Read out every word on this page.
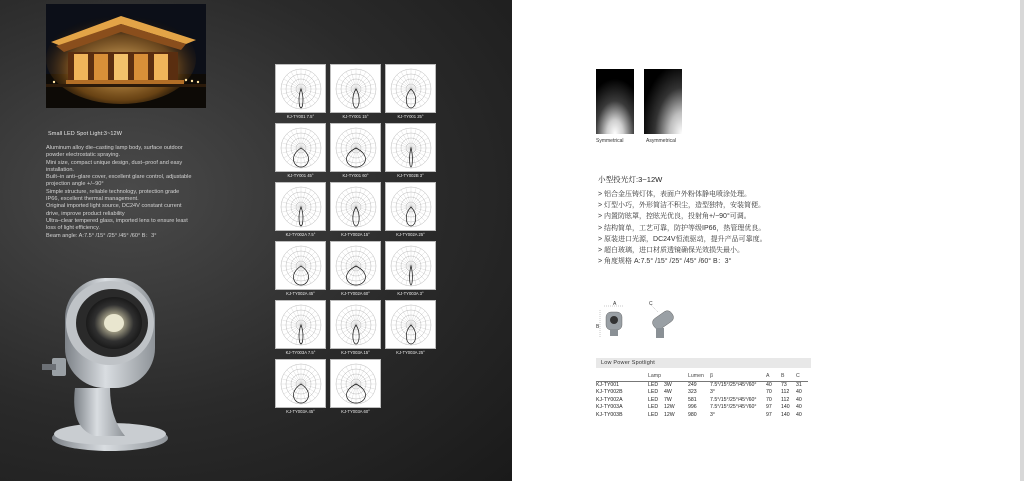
Small LED Spot Light:3~12W
Aluminum alloy die–casting lamp body, surface outdoor
powder electrostatic spraying.
Mini size, compact unique design, dust–proof and easy
installation.
Built–in anti–glare cover, excellent glare control, adjustable
projection angle +/−90°
Simple structure, reliable technology, protection grade
IP66, excellent thermal management.
Original imported light source, DC24V constant current
drive, improve product reliability
Ultra–clear tempered glass, imported lens to ensure least
loss of light efficiency.
Beam angle: A:7.5° /15° /25° /45° /60° B：3°
KJ-TY001 7.5°	KJ-TY001 15°	KJ-TY001 25°
KJ-TY001 45°	KJ-TY001 60°	KJ-TY002B 3°
KJ-TY002A 7.5°	KJ-TY002A 15°	KJ-TY002A 25°
KJ-TY002A 45°	KJ-TY002A 60°	KJ-TY003A 3°
KJ-TY003A 7.5°	KJ-TY003A 15°	KJ-TY003A 25°
KJ-TY003A 45°	KJ-TY003A 60°
Symmetrical	Asymmetrical
小型投光灯:3~12W
> 铝合金压铸灯体，表面户外粉体静电喷涂处理。
> 灯型小巧，外形简洁不积尘，造型独特，安装简便。
> 内置防眩罩，控眩光优良，投射角+/−90°可调。
> 结构简单，工艺可靠，防护等级IP66，热管理优良。
> 原装进口光源，DC24V恒流驱动，提升产品可靠度。
> 超白玻璃，进口材质透镜确保光效损失最小。
> 角度规格 A:7.5° /15° /25° /45° /60° B：3°
A
B
C
Low Power Spotlight
	Lamp		Lumen	β	A	B	C
KJ-TY001	LED	3W	249	7.5°/15°/25°/45°/60°	40	73	31
KJ-TY002B	LED	4W	323	3°	70	112	40
KJ-TY002A	LED	7W	581	7.5°/15°/25°/45°/60°	70	112	40
KJ-TY003A	LED	12W	996	7.5°/15°/25°/45°/60°	97	140	40
KJ-TY003B	LED	12W	980	3°	97	140	40
